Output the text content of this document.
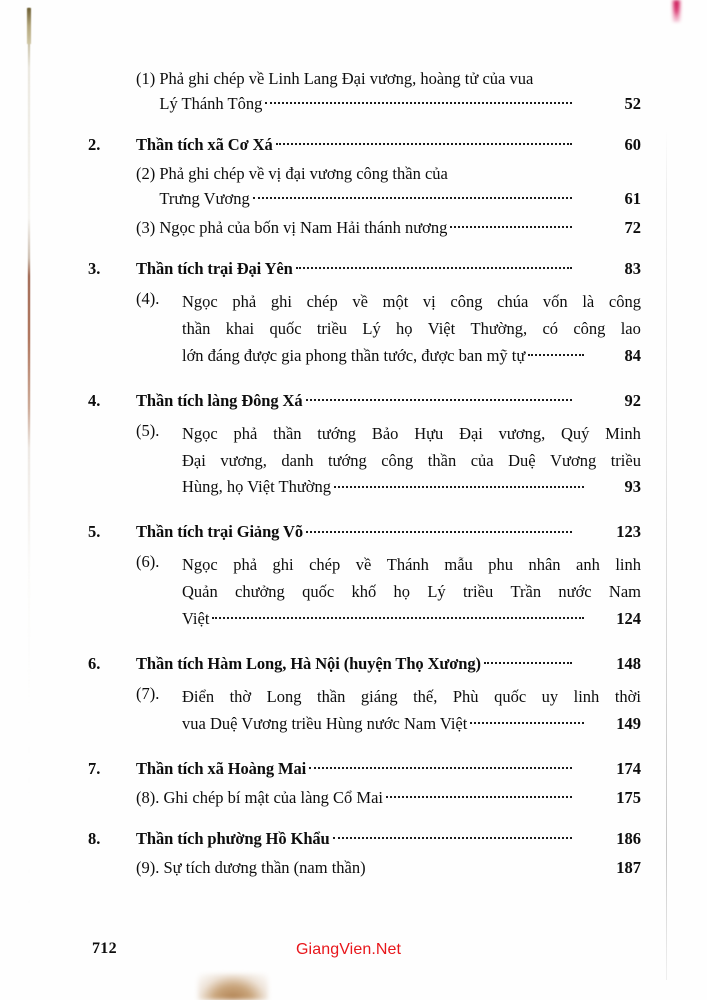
(1) Phả ghi chép về Linh Lang Đại vương, hoàng tử của vua
Lý Thánh Tông	52
2.	Thần tích xã Cơ Xá	60
(2) Phả ghi chép về vị đại vương công thần của
Trưng Vương	61
(3) Ngọc phả của bốn vị Nam Hải thánh nương	72
3.	Thần tích trại Đại Yên	83
(4). Ngọc phả ghi chép về một vị công chúa vốn là công
thần khai quốc triều Lý họ Việt Thường, có công lao
lớn đáng được gia phong thần tước, được ban mỹ tự	84
4.	Thần tích làng Đông Xá	92
(5). Ngọc phả thần tướng Bảo Hựu Đại vương, Quý Minh
Đại vương, danh tướng công thần của Duệ Vương triều
Hùng, họ Việt Thường	93
5.	Thần tích trại Giảng Võ	123
(6). Ngọc phả ghi chép về Thánh mẫu phu nhân anh linh
Quản chưởng quốc khố họ Lý triều Trần nước Nam
Việt	124
6.	Thần tích Hàm Long, Hà Nội (huyện Thọ Xương)	148
(7). Điển thờ Long thần giáng thế, Phù quốc uy linh thời
vua Duệ Vương triều Hùng nước Nam Việt	149
7.	Thần tích xã Hoàng Mai	174
(8). Ghi chép bí mật của làng Cổ Mai	175
8.	Thần tích phường Hồ Khẩu	186
(9). Sự tích dương thần (nam thần)	187
712	GiangVien.Net
